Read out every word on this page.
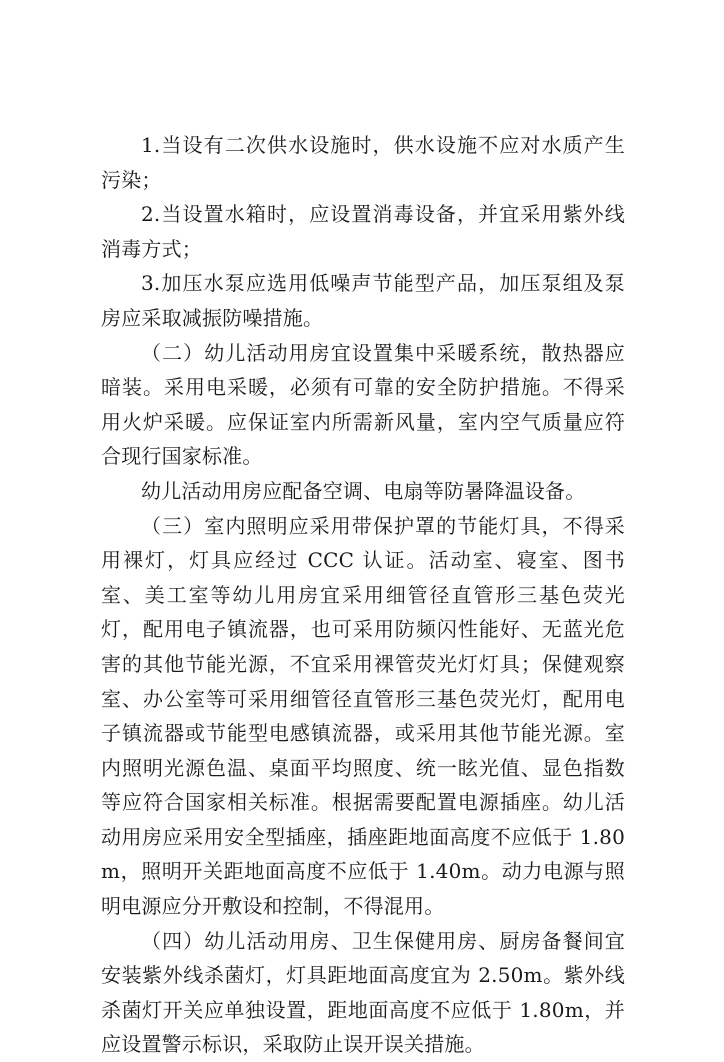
1.当设有二次供水设施时，供水设施不应对水质产生污染；

2.当设置水箱时，应设置消毒设备，并宜采用紫外线消毒方式；

3.加压水泵应选用低噪声节能型产品，加压泵组及泵房应采取减振防噪措施。

（二）幼儿活动用房宜设置集中采暖系统，散热器应暗装。采用电采暖，必须有可靠的安全防护措施。不得采用火炉采暖。应保证室内所需新风量，室内空气质量应符合现行国家标准。

幼儿活动用房应配备空调、电扇等防暑降温设备。

（三）室内照明应采用带保护罩的节能灯具，不得采用裸灯，灯具应经过 CCC 认证。活动室、寝室、图书室、美工室等幼儿用房宜采用细管径直管形三基色荧光灯，配用电子镇流器，也可采用防频闪性能好、无蓝光危害的其他节能光源，不宜采用裸管荧光灯灯具；保健观察室、办公室等可采用细管径直管形三基色荧光灯，配用电子镇流器或节能型电感镇流器，或采用其他节能光源。室内照明光源色温、桌面平均照度、统一眩光值、显色指数等应符合国家相关标准。根据需要配置电源插座。幼儿活动用房应采用安全型插座，插座距地面高度不应低于 1.80m，照明开关距地面高度不应低于 1.40m。动力电源与照明电源应分开敷设和控制，不得混用。

（四）幼儿活动用房、卫生保健用房、厨房备餐间宜安装紫外线杀菌灯，灯具距地面高度宜为 2.50m。紫外线杀菌灯开关应单独设置，距地面高度不应低于 1.80m，并应设置警示标识，采取防止误开误关措施。
